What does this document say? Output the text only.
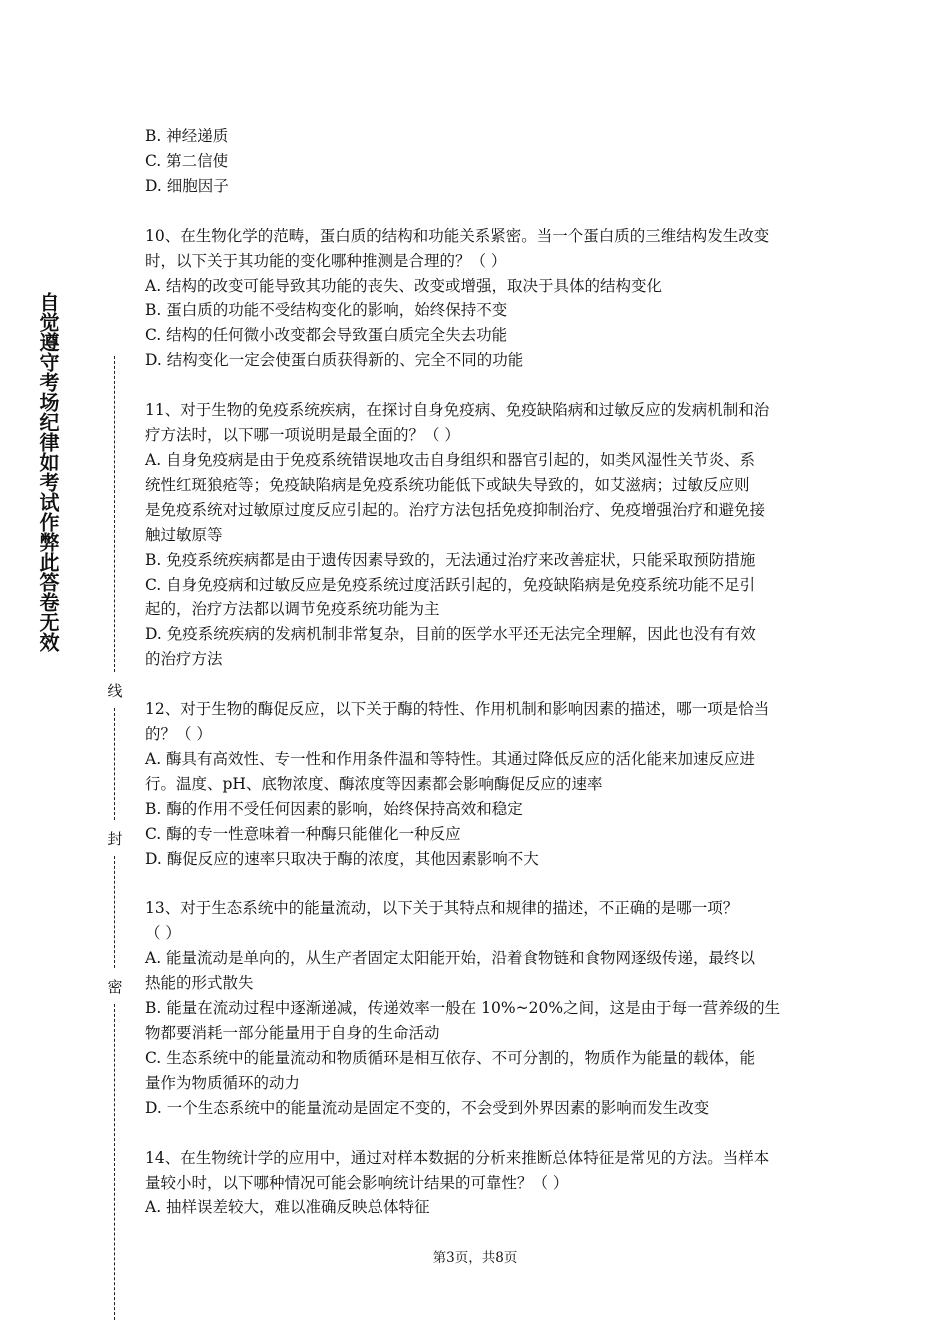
自觉遵守考场纪律如考试作弊此答卷无效
线
封
密
B. 神经递质
C. 第二信使
D. 细胞因子
10、在生物化学的范畴，蛋白质的结构和功能关系紧密。当一个蛋白质的三维结构发生改变
时，以下关于其功能的变化哪种推测是合理的？（ ）
A. 结构的改变可能导致其功能的丧失、改变或增强，取决于具体的结构变化
B. 蛋白质的功能不受结构变化的影响，始终保持不变
C. 结构的任何微小改变都会导致蛋白质完全失去功能
D. 结构变化一定会使蛋白质获得新的、完全不同的功能
11、对于生物的免疫系统疾病，在探讨自身免疫病、免疫缺陷病和过敏反应的发病机制和治
疗方法时，以下哪一项说明是最全面的？（ ）
A. 自身免疫病是由于免疫系统错误地攻击自身组织和器官引起的，如类风湿性关节炎、系
统性红斑狼疮等；免疫缺陷病是免疫系统功能低下或缺失导致的，如艾滋病；过敏反应则
是免疫系统对过敏原过度反应引起的。治疗方法包括免疫抑制治疗、免疫增强治疗和避免接
触过敏原等
B. 免疫系统疾病都是由于遗传因素导致的，无法通过治疗来改善症状，只能采取预防措施
C. 自身免疫病和过敏反应是免疫系统过度活跃引起的，免疫缺陷病是免疫系统功能不足引
起的，治疗方法都以调节免疫系统功能为主
D. 免疫系统疾病的发病机制非常复杂，目前的医学水平还无法完全理解，因此也没有有效
的治疗方法
12、对于生物的酶促反应，以下关于酶的特性、作用机制和影响因素的描述，哪一项是恰当
的？（ ）
A. 酶具有高效性、专一性和作用条件温和等特性。其通过降低反应的活化能来加速反应进
行。温度、pH、底物浓度、酶浓度等因素都会影响酶促反应的速率
B. 酶的作用不受任何因素的影响，始终保持高效和稳定
C. 酶的专一性意味着一种酶只能催化一种反应
D. 酶促反应的速率只取决于酶的浓度，其他因素影响不大
13、对于生态系统中的能量流动，以下关于其特点和规律的描述，不正确的是哪一项？
（ ）
A. 能量流动是单向的，从生产者固定太阳能开始，沿着食物链和食物网逐级传递，最终以
热能的形式散失
B. 能量在流动过程中逐渐递减，传递效率一般在 10%~20%之间，这是由于每一营养级的生
物都要消耗一部分能量用于自身的生命活动
C. 生态系统中的能量流动和物质循环是相互依存、不可分割的，物质作为能量的载体，能
量作为物质循环的动力
D. 一个生态系统中的能量流动是固定不变的，不会受到外界因素的影响而发生改变
14、在生物统计学的应用中，通过对样本数据的分析来推断总体特征是常见的方法。当样本
量较小时，以下哪种情况可能会影响统计结果的可靠性？（ ）
A. 抽样误差较大，难以准确反映总体特征
第3页，共8页
